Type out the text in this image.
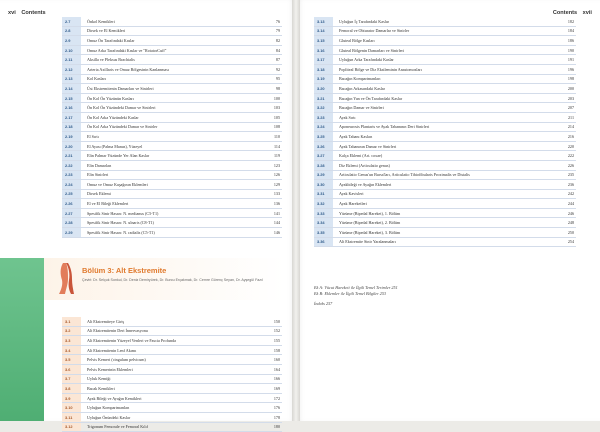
xvi Contents
2.7	Önkol Kemikleri	76
2.8	Dirsek ve El Kemikleri	79
2.9	Omuz Ön Tarafındaki Kaslar	82
2.10	Omuz Arka Tarafındaki Kaslar ve "RotatorCuff"	84
2.11	Aksilla ve Pleksus Brachialis	87
2.12	Arteria Axillaris ve Omuz Bölgesinin Kanlanması	92
2.13	Kol Kasları	95
2.14	Üst Ekstremitenin Damarları ve Sinirleri	98
2.15	Ön Kol Ön Yüzünün Kasları	100
2.16	Ön Kol Ön Yüzündeki Damar ve Sinirleri	103
2.17	Ön Kol Arka Yüzündeki Kaslar	105
2.18	Ön Kol Arka Yüzündeki Damar ve Sinirler	108
2.19	El Sırtı	110
2.20	El Ayası (Palma Manus), Yüzeyel	114
2.21	Elin Palmar Yüzünde Yer Alan Kaslar	119
2.22	Elin Damarları	123
2.23	Elin Sinirleri	126
2.24	Omuz ve Omuz Kuşağının Eklemleri	129
2.25	Dirsek Eklemi	133
2.26	El ve El Bileği Eklemleri	136
2.27	Spesifik Sinir Hasarı: N. medianus (C5-T1)	141
2.28	Spesifik Sinir Hasarı: N. ulnaris (C8-T1)	144
2.29	Spesifik Sinir Hasarı: N. radialis (C5-T1)	146
Bölüm 3: Alt Ekstremite
Çeviri: Dr. Selçuk Sonkul, Dr. Deniz Demiryürek, Dr. Burcu Erçakmak, Dr. Cemre Gürenç Seyan, Dr. Ayşegül Fazıl
3.1	Alt Ekstremiteye Giriş	150
3.2	Alt Ekstremitenin Deri İnnervasyonu	152
3.3	Alt Ekstremitenin Yüzeyel Venleri ve Fascia Profunda	155
3.4	Alt Ekstremitenin Lenf Akımı	158
3.5	Pelvis Kemeri (cingulum pelvicum)	160
3.6	Pelvis Kemerinin Eklemleri	164
3.7	Uyluk Kemiği	166
3.8	Bacak Kemikleri	169
3.9	Ayak Bileği ve Ayağın Kemikleri	172
3.10	Uyluğun Kompartmanları	176
3.11	Uyluğun Önündeki Kaslar	178
3.12	Trigonum Femorale ve Femoral Kılıf	180
Contents xvii
3.13	Uyluğun İç Tarafındaki Kaslar	182
3.14	Femoral ve Obturator Damarlar ve Sinirler	184
3.15	Gluteal Bölge Kasları	186
3.16	Gluteal Bölgenin Damarları ve Sinirleri	190
3.17	Uyluğun Arka Tarafındaki Kaslar	191
3.18	Popliteal Bölge ve Diz Ekstleminin Anastomozları	196
3.19	Bacağın Kompartmanları	198
3.20	Bacağın Arkasındaki Kaslar	200
3.21	Bacağın Yan ve Ön Tarafındaki Kaslar	203
3.22	Bacağın Damar ve Sinirleri	207
3.23	Ayak Sırtı	211
3.24	Aponeurosis Plantaris ve Ayak Tabanının Deri Sinirleri	214
3.25	Ayak Tabanı Kasları	216
3.26	Ayak Tabanının Damar ve Sinirleri	220
3.27	Kalça Eklemi (Art. coxae)	222
3.28	Diz Eklemi (Articulatio genus)	226
3.29	Articulatio Genus'un Bursa'ları, Articulatio Tibiofibularis Proximalis ve Distalis	235
3.30	Ayakbileği ve Ayağın Eklemleri	236
3.31	Ayak Kavisleri	242
3.32	Ayak Hareketleri	244
3.33	Yürüme (Bipedal Hareket), 1. Bölüm	246
3.34	Yürüme (Bipedal Hareket), 2. Bölüm	248
3.35	Yürüme (Bipedal Hareket), 3. Bölüm	250
3.36	Alt Ekstremite Sinir Yaralanmaları	254
Ek A: Vücut Hareketi ile İlgili Temel Terimler 251
Ek B: Eklemler ile İlgili Temel Bilgiler 253
İndeks 257
